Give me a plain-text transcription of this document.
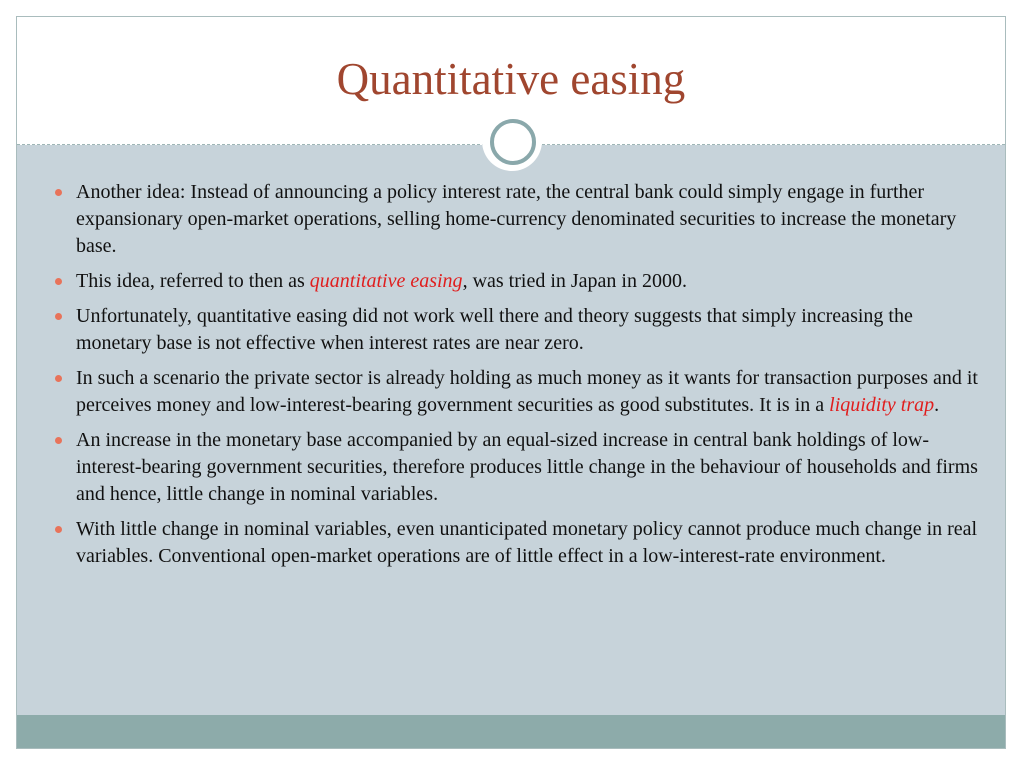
Quantitative easing
Another idea: Instead of announcing a policy interest rate, the central bank could simply engage in further expansionary open-market operations, selling home-currency denominated securities to increase the monetary base.
This idea, referred to then as quantitative easing, was tried in Japan in 2000.
Unfortunately, quantitative easing did not work well there and theory suggests that simply increasing the monetary base is not effective when interest rates are near zero.
In such a scenario the private sector is already holding as much money as it wants for transaction purposes and it perceives money and low-interest-bearing government securities as good substitutes. It is in a liquidity trap.
An increase in the monetary base accompanied by an equal-sized increase in central bank holdings of low-interest-bearing government securities, therefore produces little change in the behaviour of households and firms and hence, little change in nominal variables.
With little change in nominal variables, even unanticipated monetary policy cannot produce much change in real variables. Conventional open-market operations are of little effect in a low-interest-rate environment.
